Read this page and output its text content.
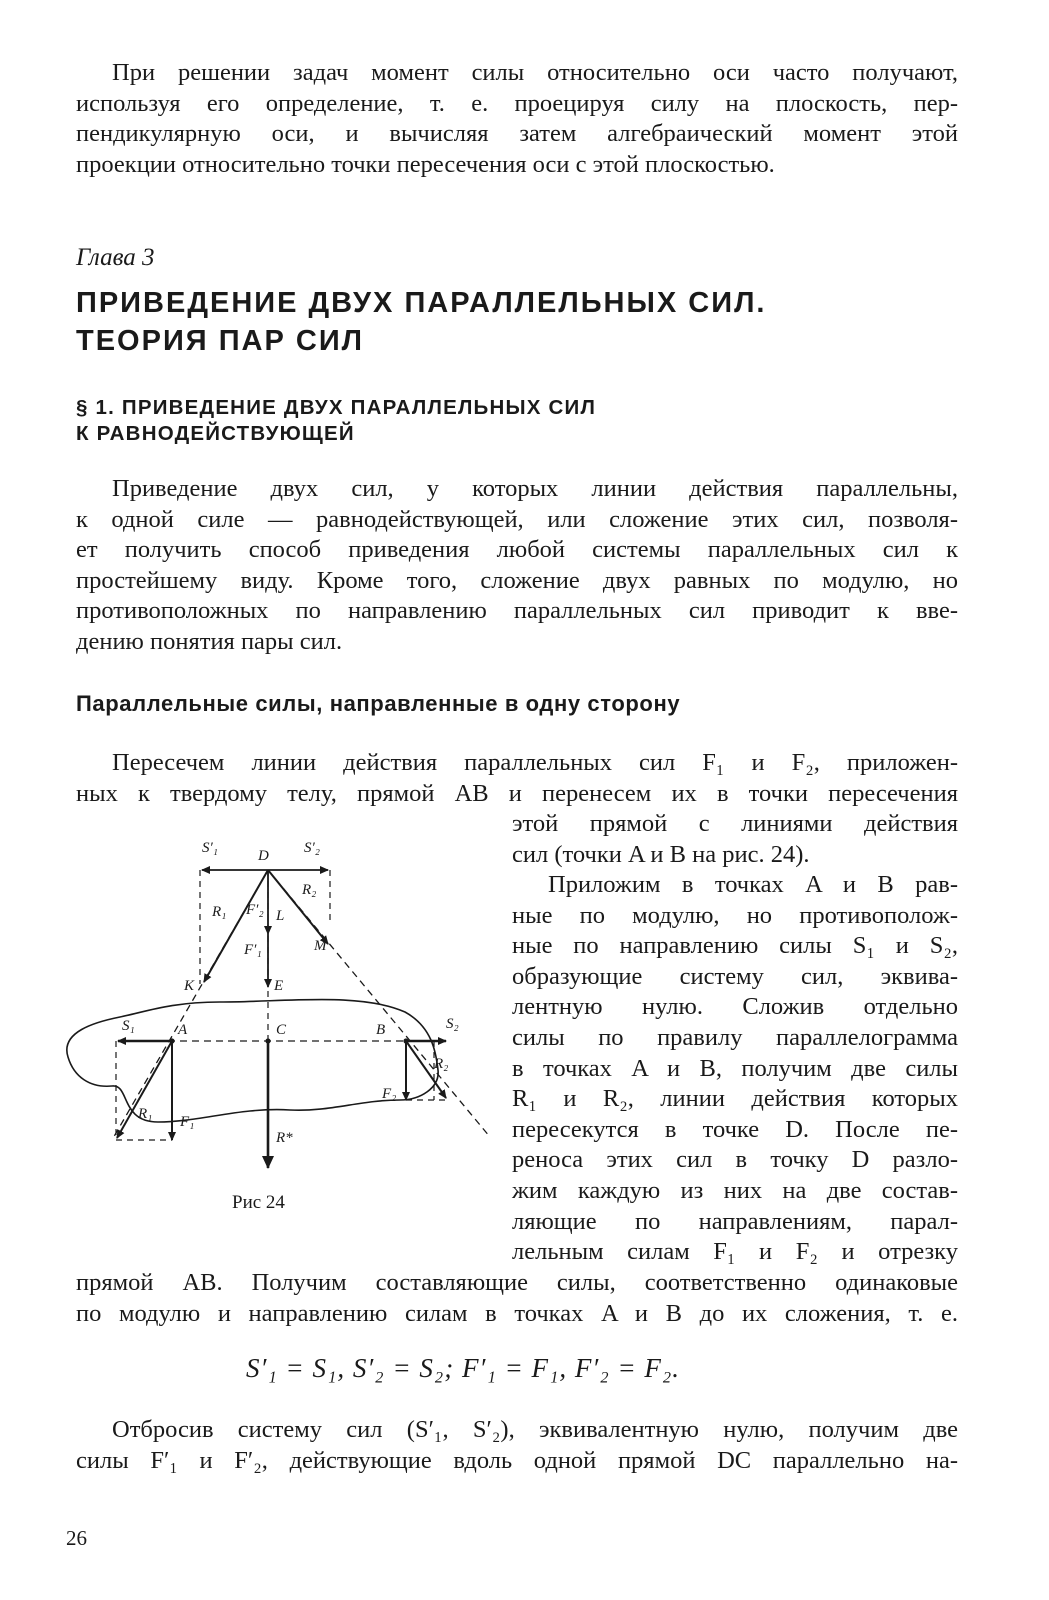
При решении задач момент силы относительно оси часто получают,
используя его определение, т. е. проецируя силу на плоскость, пер-
пендикулярную оси, и вычисляя затем алгебраический момент этой
проекции относительно точки пересечения оси с этой плоскостью.
Глава 3
ПРИВЕДЕНИЕ ДВУХ ПАРАЛЛЕЛЬНЫХ СИЛ.
ТЕОРИЯ ПАР СИЛ
§ 1. ПРИВЕДЕНИЕ ДВУХ ПАРАЛЛЕЛЬНЫХ СИЛ
К РАВНОДЕЙСТВУЮЩЕЙ
Приведение двух сил, у которых линии действия параллельны,
к одной силе — равнодействующей, или сложение этих сил, позволя-
ет получить способ приведения любой системы параллельных сил к
простейшему виду. Кроме того, сложение двух равных по модулю, но
противоположных по направлению параллельных сил приводит к вве-
дению понятия пары сил.
Параллельные силы, направленные в одну сторону
Пересечем линии действия параллельных сил F₁ и F₂, приложен-
ных к твердому телу, прямой AB и перенесем их в точки пересечения
этой прямой с линиями действия
сил (точки A и B на рис. 24).
Приложим в точках A и B рав-
ные по модулю, но противополож-
ные по направлению силы S₁ и S₂,
образующие систему сил, эквива-
лентную нулю. Сложив отдельно
силы по правилу параллелограмма
в точках A и B, получим две силы
R₁ и R₂, линии действия которых
пересекутся в точке D. После пе-
реноса этих сил в точку D разло-
жим каждую из них на две состав-
ляющие по направлениям, парал-
лельным силам F₁ и F₂ и отрезку
прямой AB. Получим составляющие силы, соответственно одинаковые
по модулю и направлению силам в точках A и B до их сложения, т. е.
S′₁ = S₁, S′₂ = S₂; F′₁ = F₁, F′₂ = F₂.
Отбросив систему сил (S′₁, S′₂), эквивалентную нулю, получим две
силы F′₁ и F′₂, действующие вдоль одной прямой DC параллельно на-
26
S′₁	D S′₂
R₂
R₁ F′₂ L
F′₁	M
K	E
S₁	A	C	B	S₂
R₂
R₁ F₁
F₂
R*
Рис 24
